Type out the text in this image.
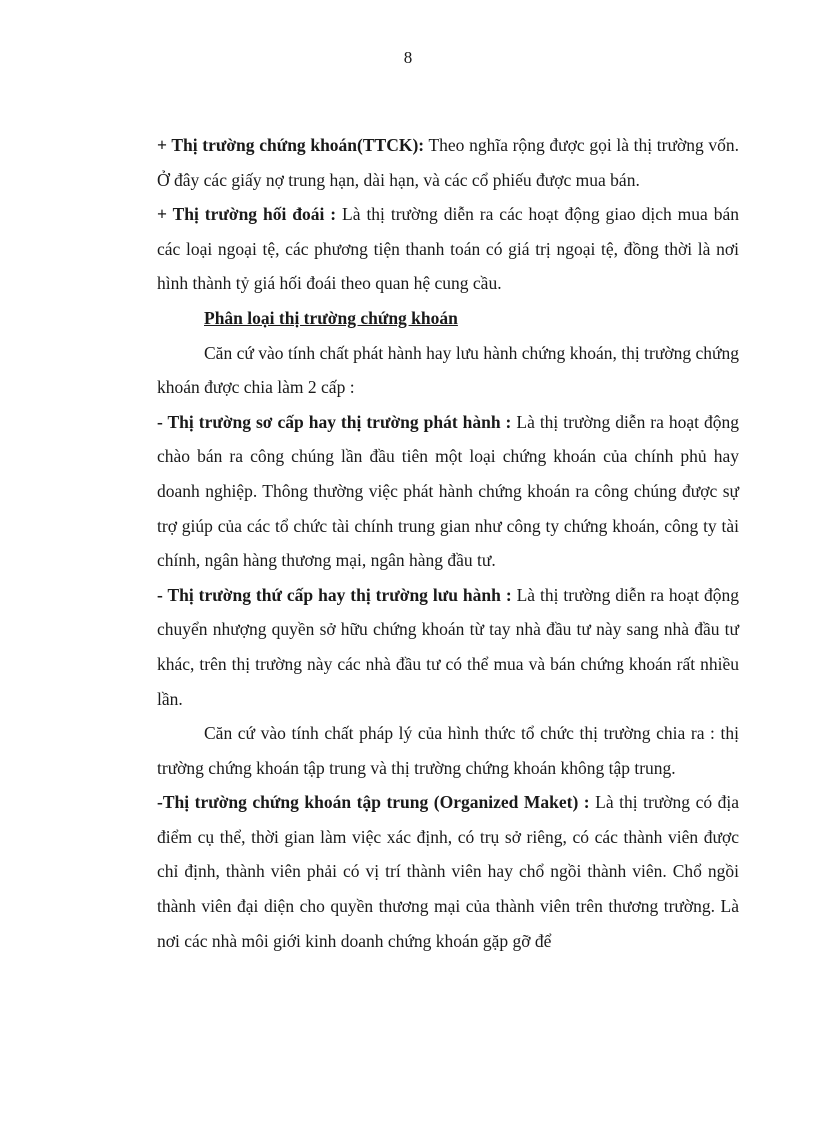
8

+ Thị trường chứng khoán(TTCK): Theo nghĩa rộng được gọi là thị trường vốn. Ở đây các giấy nợ trung hạn, dài hạn, và các cổ phiếu được mua bán.

+ Thị trường hối đoái : Là thị trường diễn ra các hoạt động giao dịch mua bán các loại ngoại tệ, các phương tiện thanh toán có giá trị ngoại tệ, đồng thời là nơi hình thành tỷ giá hối đoái theo quan hệ cung cầu.

Phân loại thị trường chứng khoán

Căn cứ vào tính chất phát hành hay lưu hành chứng khoán, thị trường chứng khoán được chia làm 2 cấp :

- Thị trường sơ cấp hay thị trường phát hành : Là thị trường diễn ra hoạt động chào bán ra công chúng lần đầu tiên một loại chứng khoán của chính phủ hay doanh nghiệp. Thông thường việc phát hành chứng khoán ra công chúng được sự trợ giúp của các tổ chức tài chính trung gian như công ty chứng khoán, công ty tài chính, ngân hàng thương mại, ngân hàng đầu tư.

- Thị trường thứ cấp hay thị trường lưu hành : Là thị trường diễn ra hoạt động chuyển nhượng quyền sở hữu chứng khoán từ tay nhà đầu tư này sang nhà đầu tư khác, trên thị trường này các nhà đầu tư có thể mua và bán chứng khoán rất nhiều lần.

Căn cứ vào tính chất pháp lý của hình thức tổ chức thị trường chia ra : thị trường chứng khoán tập trung và thị trường chứng khoán không tập trung.

-Thị trường chứng khoán tập trung (Organized Maket) : Là thị trường có địa điểm cụ thể, thời gian làm việc xác định, có trụ sở riêng, có các thành viên được chỉ định, thành viên phải có vị trí thành viên hay chổ ngồi thành viên. Chổ ngồi thành viên đại diện cho quyền thương mại của thành viên trên thương trường. Là nơi các nhà môi giới kinh doanh chứng khoán gặp gỡ để
